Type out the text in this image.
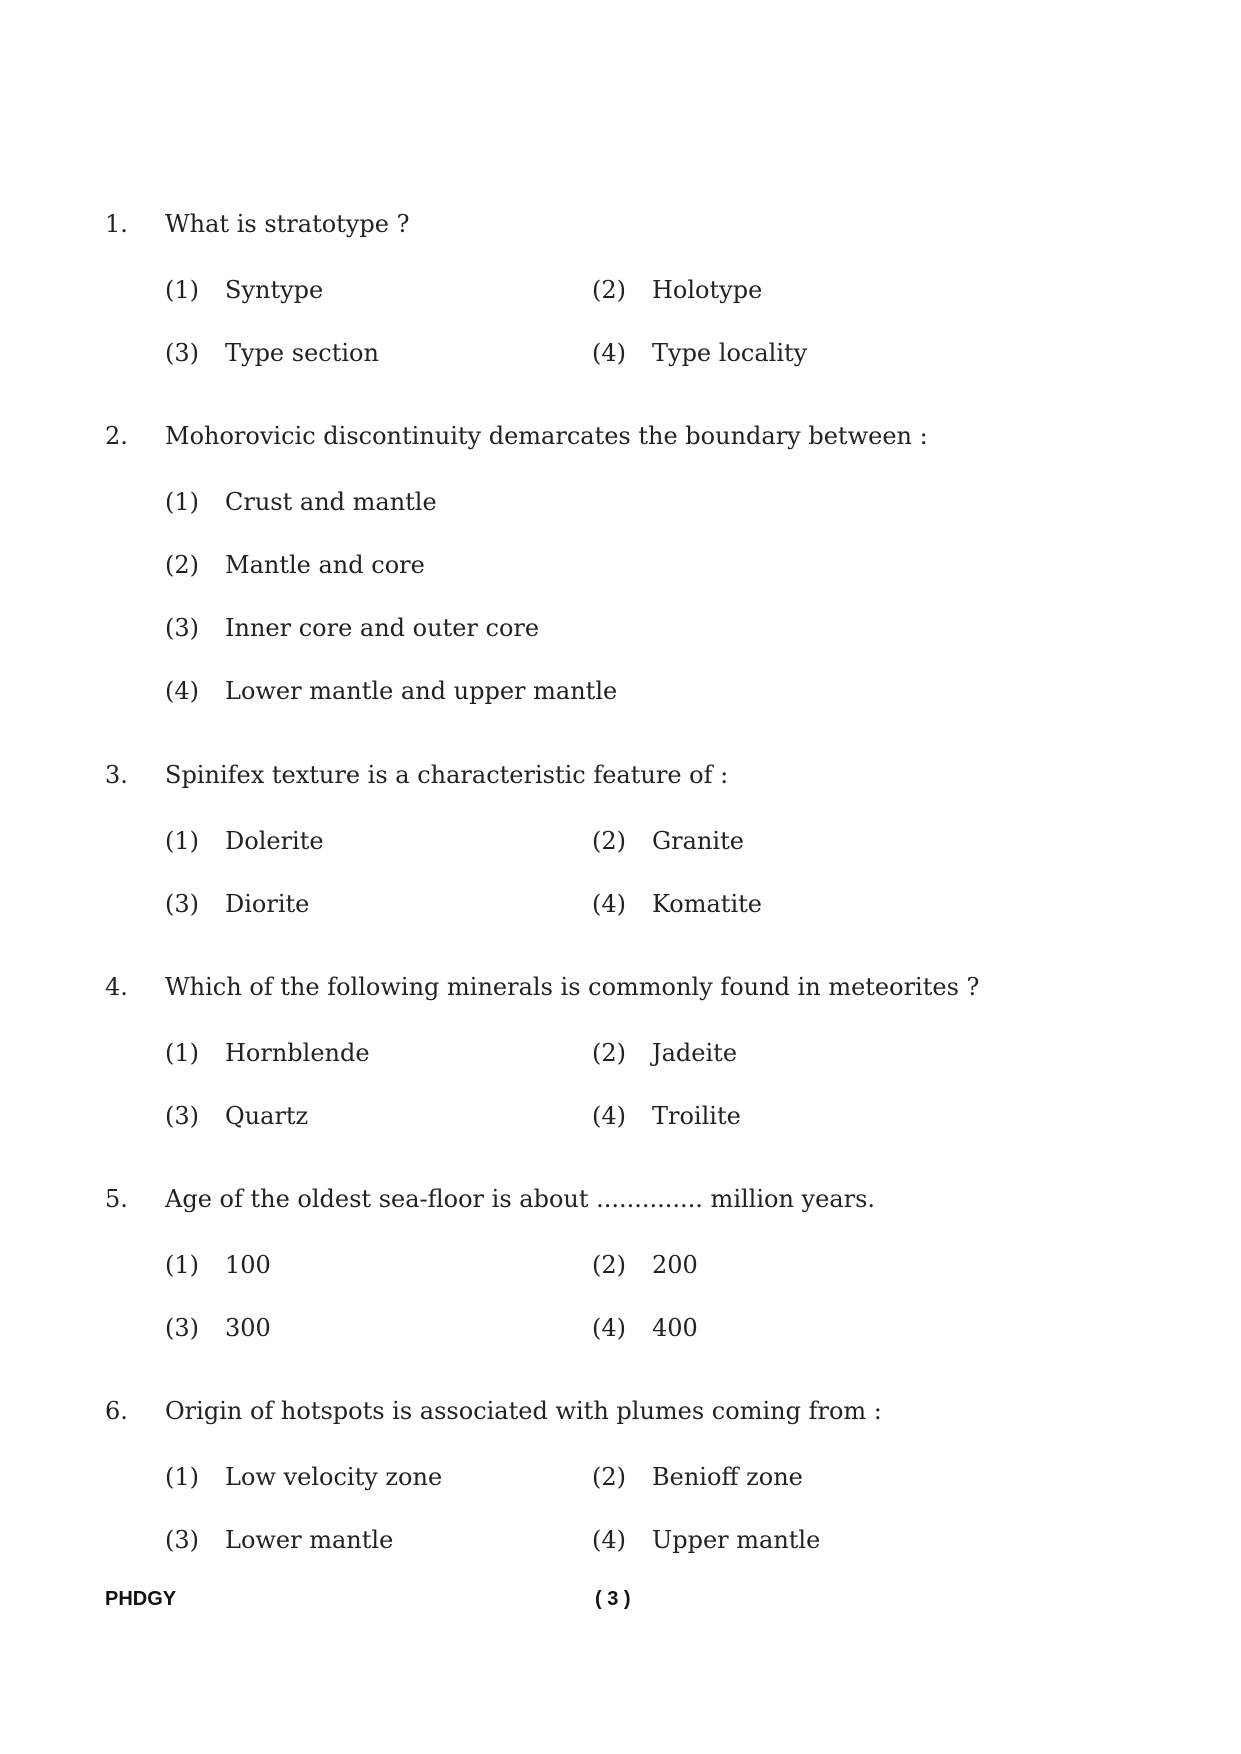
1. What is stratotype ?
(1) Syntype	(2) Holotype
(3) Type section	(4) Type locality
2. Mohorovicic discontinuity demarcates the boundary between :
(1) Crust and mantle
(2) Mantle and core
(3) Inner core and outer core
(4) Lower mantle and upper mantle
3. Spinifex texture is a characteristic feature of :
(1) Dolerite	(2) Granite
(3) Diorite	(4) Komatite
4. Which of the following minerals is commonly found in meteorites ?
(1) Hornblende	(2) Jadeite
(3) Quartz	(4) Troilite
5. Age of the oldest sea-floor is about .............. million years.
(1) 100	(2) 200
(3) 300	(4) 400
6. Origin of hotspots is associated with plumes coming from :
(1) Low velocity zone	(2) Benioff zone
(3) Lower mantle	(4) Upper mantle
PHDGY	( 3 )
